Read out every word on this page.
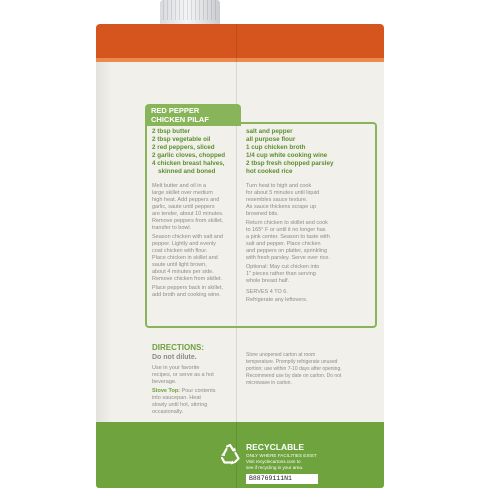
RED PEPPER

CHICKEN PILAF

2 tbsp butter

2 tbsp vegetable oil

2 red peppers, sliced

2 garlic cloves, chopped

4 chicken breast halves,

skinned and boned

salt and pepper

all purpose flour

1 cup chicken broth

1/4 cup white cooking wine

2 tbsp fresh chopped parsley

hot cooked rice

Melt butter and oil in a

large skillet over medium

high heat. Add peppers and

garlic, saute until peppers

are tender, about 10 minutes.

Remove peppers from skillet,

transfer to bowl.

Season chicken with salt and

pepper. Lightly and evenly

coat chicken with flour.

Place chicken in skillet and

saute until light brown,

about 4 minutes per side.

Remove chicken from skillet.

Place peppers back in skillet,

add broth and cooking wine.

Turn heat to high and cook

for about 5 minutes until liquid

resembles sauce texture.

As sauce thickens scrape up

browned bits.

Return chicken to skillet and cook

to 165° F or until it no longer has

a pink center. Season to taste with

salt and pepper. Place chicken

and peppers on platter, sprinkling

with fresh parsley. Serve over rice.

Optional: May cut chicken into

1" pieces rather than serving

whole breast half.

SERVES 4 TO 6.

Refrigerate any leftovers.

DIRECTIONS:

Do not dilute.

Use in your favorite

recipes, or serve as a hot

beverage.

Stove Top: Pour contents

into saucepan. Heat

slowly until hot, stirring

occasionally.

Store unopened carton at room

temperature. Promptly refrigerate unused

portion; use within 7-10 days after opening.

Recommend use by date on carton. Do not

microwave in carton.

RECYCLABLE

ONLY WHERE FACILITIES EXIST

Visit recyclecartons.com to

see if recycling in your area.

B88769111N1
